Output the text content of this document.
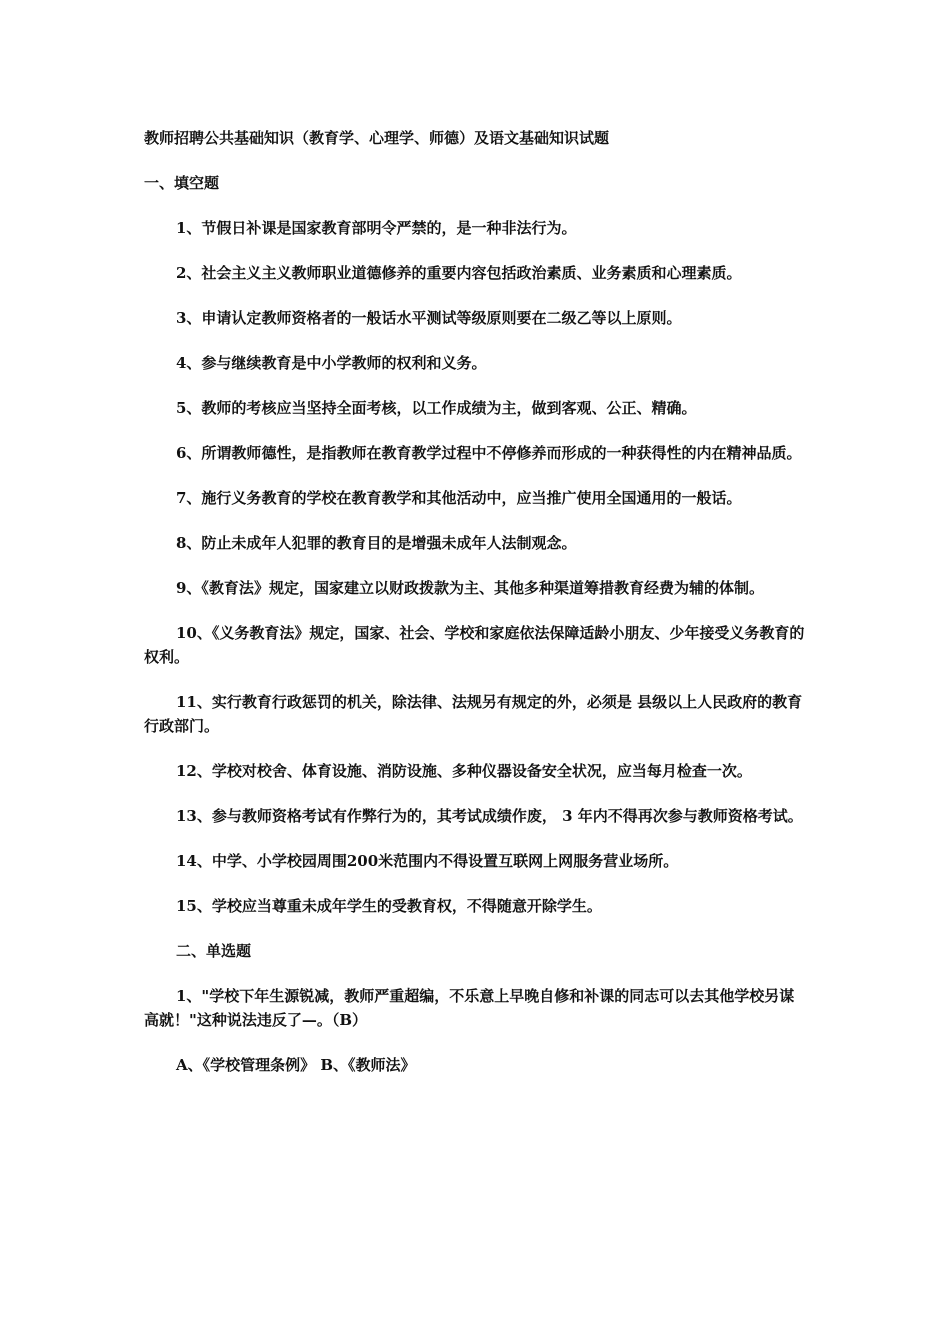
教师招聘公共基础知识（教育学、心理学、师德）及语文基础知识试题

一、填空题

1、节假日补课是国家教育部明令严禁的，是一种非法行为。

2、社会主义主义教师职业道德修养的重要内容包括政治素质、业务素质和心理素质。

3、申请认定教师资格者的一般话水平测试等级原则要在二级乙等以上原则。

4、参与继续教育是中小学教师的权利和义务。

5、教师的考核应当坚持全面考核，以工作成绩为主，做到客观、公正、精确。

6、所谓教师德性，是指教师在教育教学过程中不停修养而形成的一种获得性的内在精神品质。

7、施行义务教育的学校在教育教学和其他活动中，应当推广使用全国通用的一般话。

8、防止未成年人犯罪的教育目的是增强未成年人法制观念。

9、《教育法》规定，国家建立以财政拨款为主、其他多种渠道筹措教育经费为辅的体制。

10、《义务教育法》规定，国家、社会、学校和家庭依法保障适龄小朋友、少年接受义务教育的权利。

11、实行教育行政惩罚的机关，除法律、法规另有规定的外，必须是 县级以上人民政府的教育行政部门。

12、学校对校舍、体育设施、消防设施、多种仪器设备安全状况，应当每月检查一次。

13、参与教师资格考试有作弊行为的，其考试成绩作废， 3 年内不得再次参与教师资格考试。

14、中学、小学校园周围200米范围内不得设置互联网上网服务营业场所。

15、学校应当尊重未成年学生的受教育权，不得随意开除学生。

二、单选题

1、"学校下年生源锐减，教师严重超编，不乐意上早晚自修和补课的同志可以去其他学校另谋高就！"这种说法违反了—。（B）

A、《学校管理条例》 B、《教师法》
